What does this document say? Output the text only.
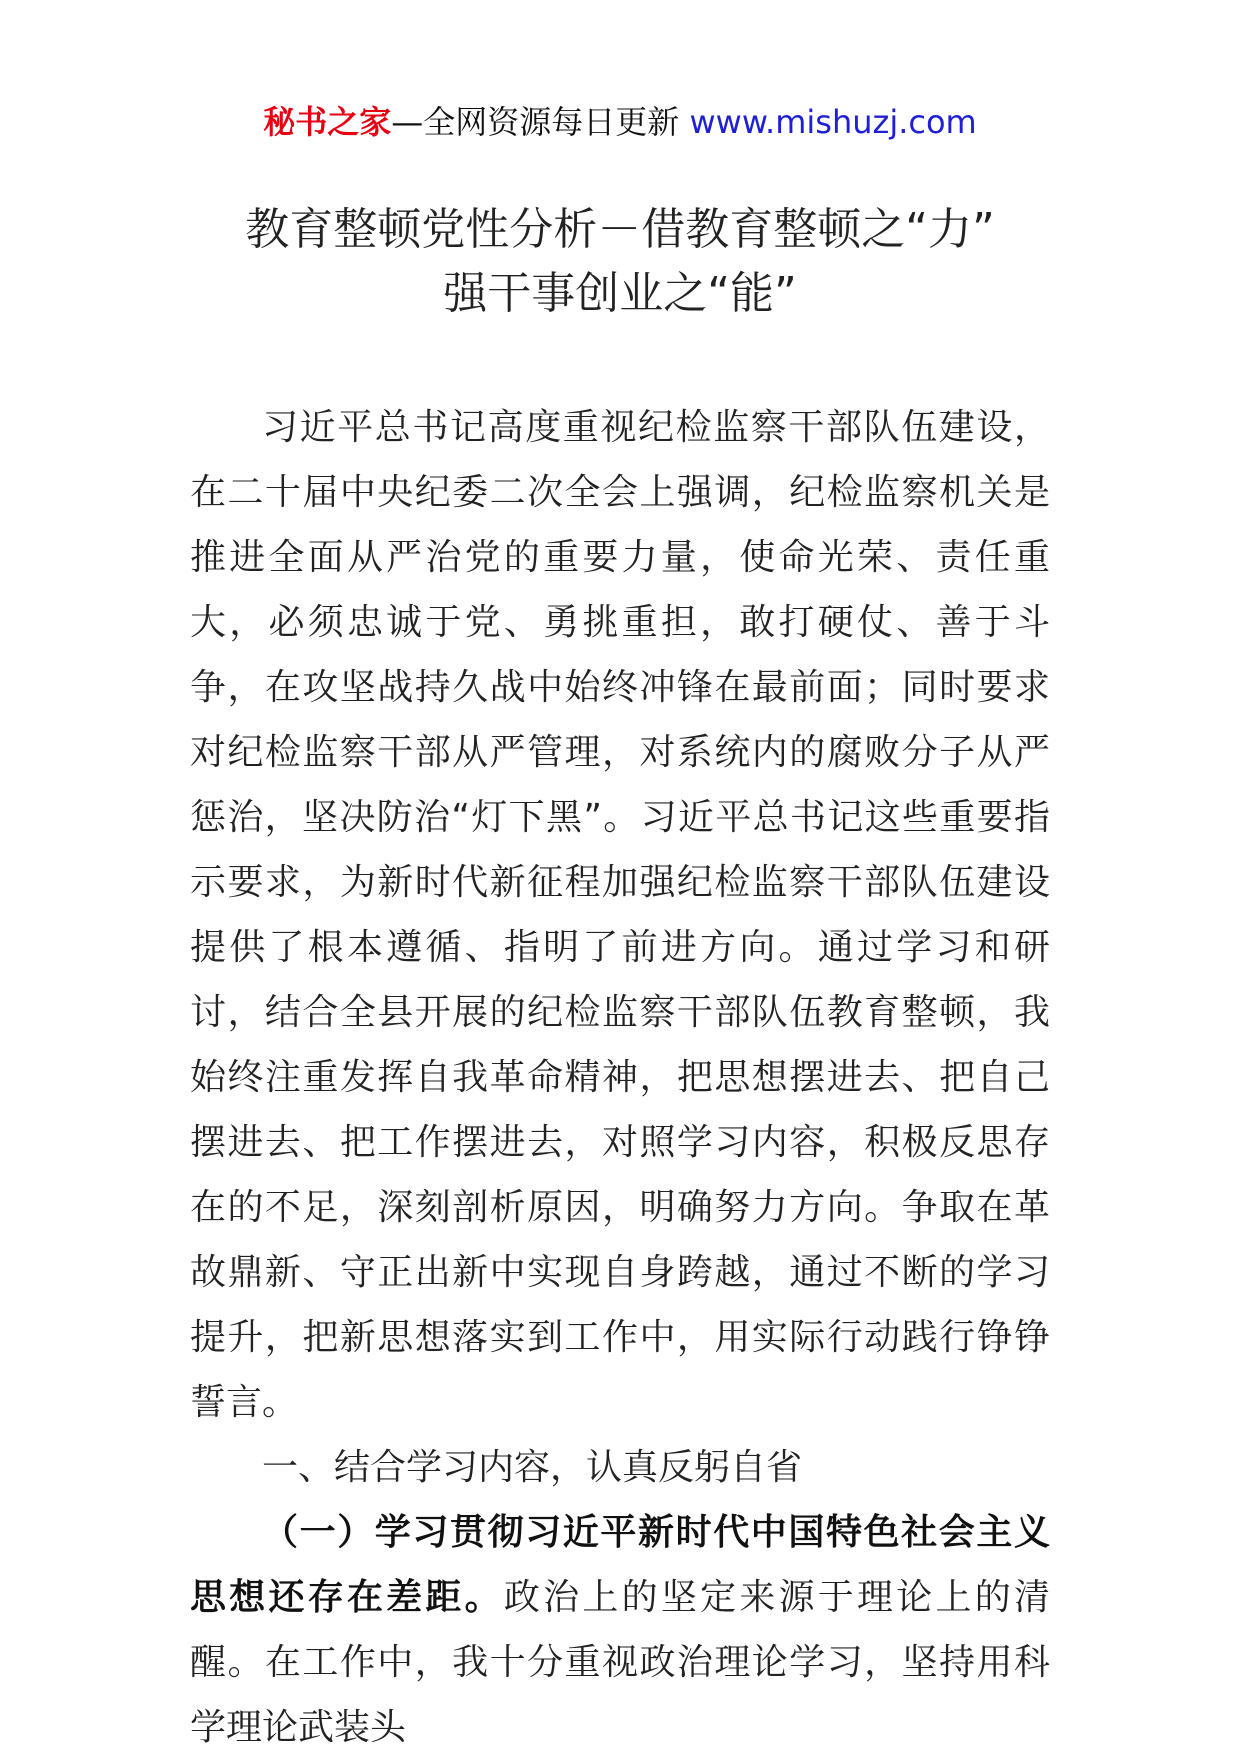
秘书之家—全网资源每日更新 www.mishuzj.com
教育整顿党性分析－借教育整顿之“力”
强干事创业之“能”

习近平总书记高度重视纪检监察干部队伍建设，在二十届中央纪委二次全会上强调，纪检监察机关是推进全面从严治党的重要力量，使命光荣、责任重大，必须忠诚于党、勇挑重担，敢打硬仗、善于斗争，在攻坚战持久战中始终冲锋在最前面；同时要求对纪检监察干部从严管理，对系统内的腐败分子从严惩治，坚决防治“灯下黑”。习近平总书记这些重要指示要求，为新时代新征程加强纪检监察干部队伍建设提供了根本遵循、指明了前进方向。通过学习和研讨，结合全县开展的纪检监察干部队伍教育整顿，我始终注重发挥自我革命精神，把思想摆进去、把自己摆进去、把工作摆进去，对照学习内容，积极反思存在的不足，深刻剖析原因，明确努力方向。争取在革故鼎新、守正出新中实现自身跨越，通过不断的学习提升，把新思想落实到工作中，用实际行动践行铮铮誓言。

一、结合学习内容，认真反躬自省

（一）学习贯彻习近平新时代中国特色社会主义思想还存在差距。政治上的坚定来源于理论上的清醒。在工作中，我十分重视政治理论学习，坚持用科学理论武装头
